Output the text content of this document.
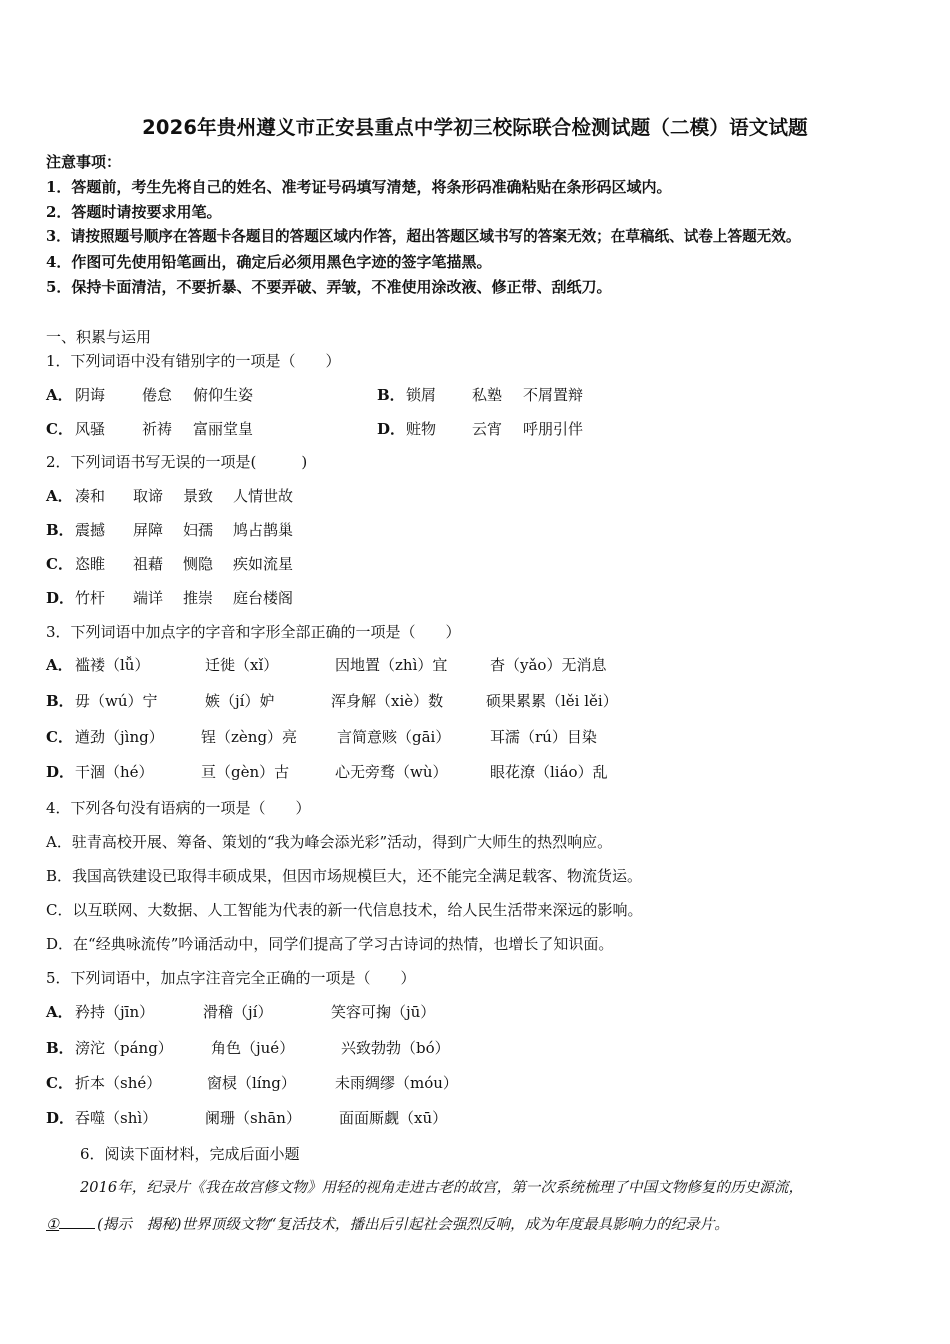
2026年贵州遵义市正安县重点中学初三校际联合检测试题（二模）语文试题
注意事项：
1．答题前，考生先将自己的姓名、准考证号码填写清楚，将条形码准确粘贴在条形码区域内。
2．答题时请按要求用笔。
3．请按照题号顺序在答题卡各题目的答题区域内作答，超出答题区域书写的答案无效；在草稿纸、试卷上答题无效。
4．作图可先使用铅笔画出，确定后必须用黑色字迹的签字笔描黑。
5．保持卡面清洁，不要折暴、不要弄破、弄皱，不准使用涂改液、修正带、刮纸刀。
一、积累与运用
1．下列词语中没有错别字的一项是（　　）
A． 阴诲 倦怠 俯仰生姿	B． 锁屑 私塾 不屑置辩
C． 风骚 祈祷 富丽堂皇	D． 赃物 云宵 呼朋引伴
2．下列词语书写无误的一项是(　　　)
A． 凑和 取谛 景致 人情世故
B． 震撼 屏障 妇孺 鸠占鹊巢
C． 恣睢 祖藉 恻隐 疾如流星
D． 竹杆 端详 推崇 庭台楼阁
3．下列词语中加点字的字音和字形全部正确的一项是（　　）
A． 褴褛（lǚ）	迁徙（xǐ）	因地置（zhì）宜	杳（yǎo）无消息
B． 毋（wú）宁	嫉（jí）妒	浑身解（xiè）数	硕果累累（lěi lěi）
C． 遒劲（jìng） 锃（zèng）亮	言简意赅（gāi）	耳濡（rú）目染
D． 干涸（hé）	亘（gèn）古	心无旁骛（wù）	眼花潦（liáo）乱
4．下列各句没有语病的一项是（　　）
A．驻青高校开展、筹备、策划的“我为峰会添光彩”活动，得到广大师生的热烈响应。
B．我国高铁建设已取得丰硕成果，但因市场规模巨大，还不能完全满足载客、物流货运。
C．以互联网、大数据、人工智能为代表的新一代信息技术，给人民生活带来深远的影响。
D．在“经典咏流传”吟诵活动中，同学们提高了学习古诗词的热情，也增长了知识面。
5．下列词语中，加点字注音完全正确的一项是（　　）
A． 矜持（jīn）	滑稽（jí）	笑容可掬（jū）
B． 滂沱（páng）	角色（jué）	兴致勃勃（bó）
C． 折本（shé）	窗棂（líng）	未雨绸缪（móu）
D． 吞噬（shì）	阑珊（shān）	面面厮觑（xū）
6．阅读下面材料，完成后面小题
2016年，纪录片《我在故宫修文物》用轻的视角走进古老的故宫，第一次系统梳理了中国文物修复的历史源流，
①	(揭示　揭秘)世界顶级文物“复活技术，播出后引起社会强烈反响，成为年度最具影响力的纪录片。
